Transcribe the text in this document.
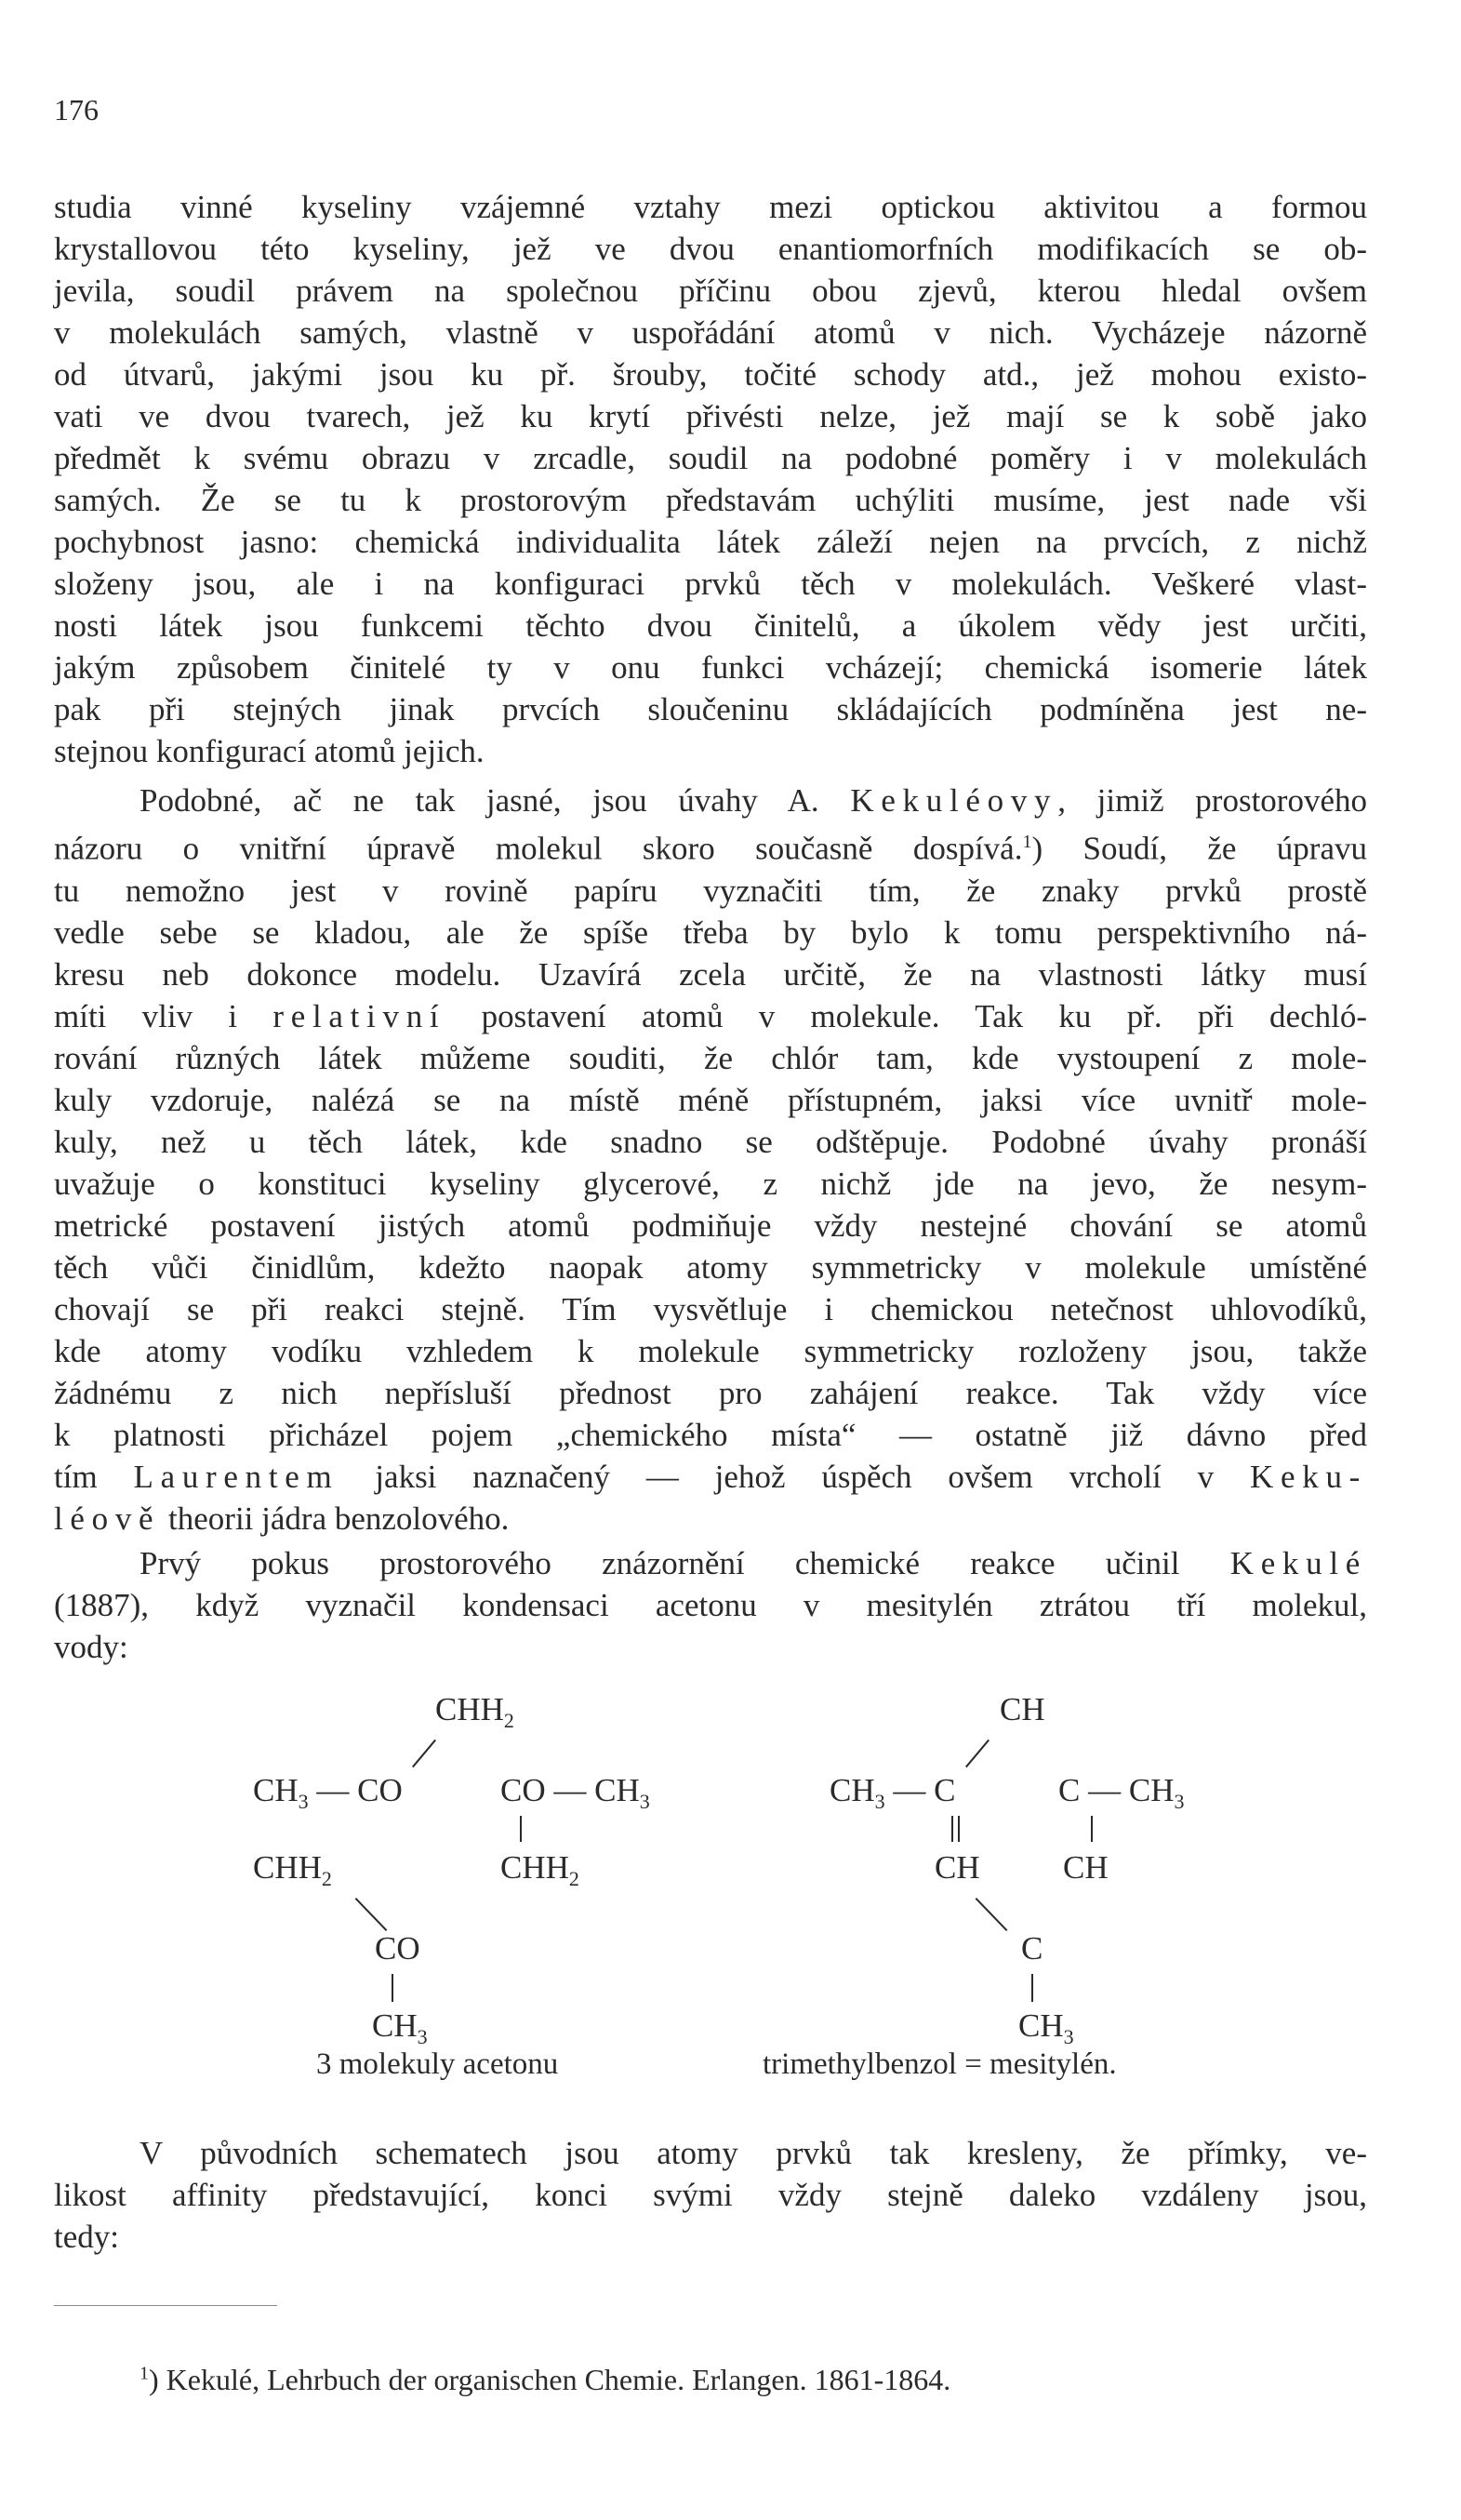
176
studia vinné kyseliny vzájemné vztahy mezi optickou aktivitou a formou
krystallovou této kyseliny, jež ve dvou enantiomorfních modifikacích se ob-
jevila, soudil právem na společnou příčinu obou zjevů, kterou hledal ovšem
v molekulách samých, vlastně v uspořádání atomů v nich. Vycházeje názorně
od útvarů, jakými jsou ku př. šrouby, točité schody atd., jež mohou existo-
vati ve dvou tvarech, jež ku krytí přivésti nelze, jež mají se k sobě jako
předmět k svému obrazu v zrcadle, soudil na podobné poměry i v molekulách
samých. Že se tu k prostorovým představám uchýliti musíme, jest nade vši
pochybnost jasno: chemická individualita látek záleží nejen na prvcích, z nichž
složeny jsou, ale i na konfiguraci prvků těch v molekulách. Veškeré vlast-
nosti látek jsou funkcemi těchto dvou činitelů, a úkolem vědy jest určiti,
jakým způsobem činitelé ty v onu funkci vcházejí; chemická isomerie látek
pak při stejných jinak prvcích sloučeninu skládajících podmíněna jest ne-
stejnou konfigurací atomů jejich.
Podobné, ač ne tak jasné, jsou úvahy A. Kekuléovy, jimiž prostorového
názoru o vnitřní úpravě molekul skoro současně dospívá.$^1$) Soudí, že úpravu
tu nemožno jest v rovině papíru vyznačiti tím, že znaky prvků prostě
vedle sebe se kladou, ale že spíše třeba by bylo k tomu perspektivního ná-
kresu neb dokonce modelu. Uzavírá zcela určitě, že na vlastnosti látky musí
míti vliv i relativní postavení atomů v molekule. Tak ku př. při dechló-
rování různých látek můžeme souditi, že chlór tam, kde vystoupení z mole-
kuly vzdoruje, nalézá se na místě méně přístupném, jaksi více uvnitř mole-
kuly, než u těch látek, kde snadno se odštěpuje. Podobné úvahy pronáší
uvažuje o konstituci kyseliny glycerové, z nichž jde na jevo, že nesym-
metrické postavení jistých atomů podmiňuje vždy nestejné chování se atomů
těch vůči činidlům, kdežto naopak atomy symmetricky v molekule umístěné
chovají se při reakci stejně. Tím vysvětluje i chemickou netečnost uhlovodíků,
kde atomy vodíku vzhledem k molekule symmetricky rozloženy jsou, takže
žádnému z nich nepřísluší přednost pro zahájení reakce. Tak vždy více
k platnosti přicházel pojem „chemického místa“ — ostatně již dávno před
tím Laurentem jaksi naznačený — jehož úspěch ovšem vrcholí v Keku-
léově theorii jádra benzolového.
Prvý pokus prostorového znázornění chemické reakce učinil Kekulé
(1887), když vyznačil kondensaci acetonu v mesitylén ztrátou tří molekul,
vody:
$CHH_2$
$CH_3$ — CO	CO — $CH_3$
$CHH_2$	$CHH_2$
CO
$CH_3$
3 molekuly acetonu
CH
$CH_3$ — C	C — $CH_3$
CH	CH
C
$CH_3$
trimethylbenzol = mesitylén.
V původních schematech jsou atomy prvků tak kresleny, že přímky, ve-
likost affinity představující, konci svými vždy stejně daleko vzdáleny jsou,
tedy:
$^1$) Kekulé, Lehrbuch der organischen Chemie. Erlangen. 1861-1864.
